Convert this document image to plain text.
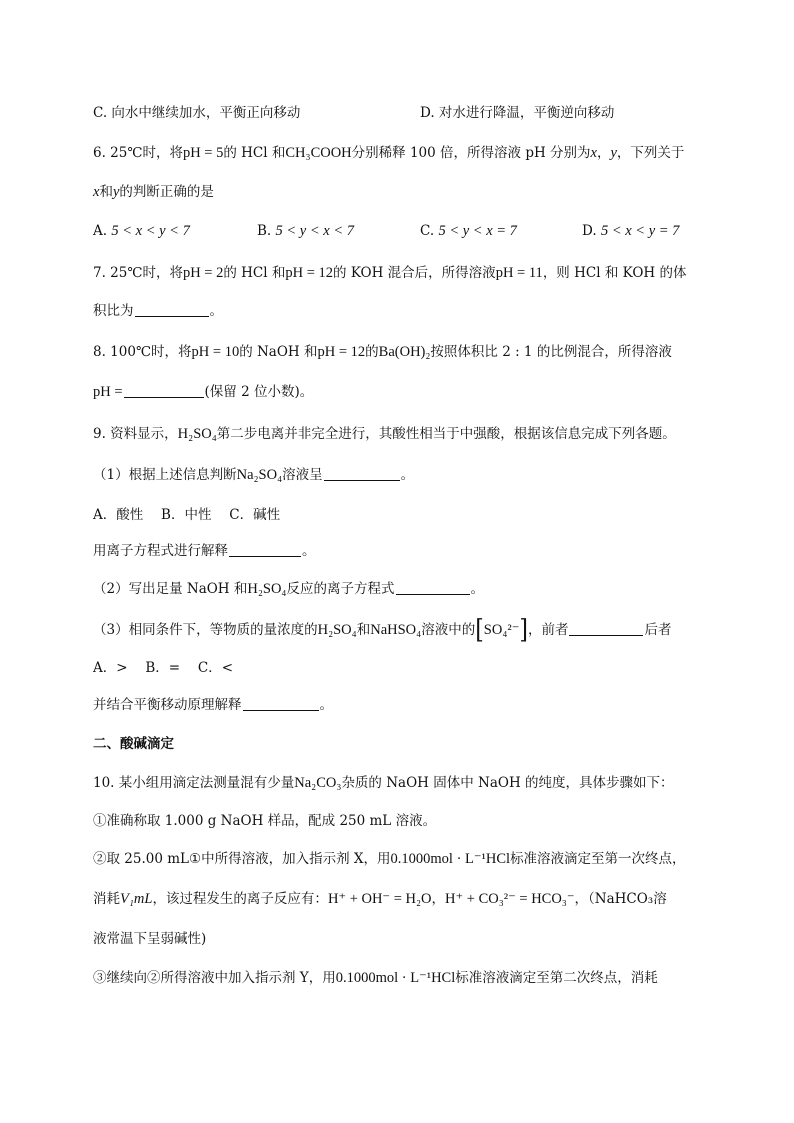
C. 向水中继续加水，平衡正向移动	D. 对水进行降温，平衡逆向移动
6. 25℃时，将pH = 5的 HCl 和CH₃COOH分别稀释 100 倍，所得溶液 pH 分别为x，y，下列关于
x和y的判断正确的是
A. 5 < x < y < 7	B. 5 < y < x < 7	C. 5 < y < x = 7	D. 5 < x < y = 7
7. 25℃时，将pH = 2的 HCl 和pH = 12的 KOH 混合后，所得溶液pH = 11，则 HCl 和 KOH 的体
积比为	。
8. 100℃时，将pH = 10的 NaOH 和pH = 12的Ba(OH)₂按照体积比 2 : 1 的比例混合，所得溶液
pH =	(保留 2 位小数)。
9. 资料显示，H₂SO₄第二步电离并非完全进行，其酸性相当于中强酸，根据该信息完成下列各题。
（1）根据上述信息判断Na₂SO₄溶液呈	。
A．酸性　 B．中性　 C．碱性
用离子方程式进行解释	。
（2）写出足量 NaOH 和H₂SO₄反应的离子方程式	。
（3）相同条件下，等物质的量浓度的H₂SO₄和NaHSO₄溶液中的[SO₄²⁻]，前者	后者
A．>　 B．=　 C．<
并结合平衡移动原理解释	。
二、酸碱滴定
10. 某小组用滴定法测量混有少量Na₂CO₃杂质的 NaOH 固体中 NaOH 的纯度，具体步骤如下：
①准确称取 1.000 g NaOH 样品，配成 250 mL 溶液。
②取 25.00 mL①中所得溶液，加入指示剂 X，用0.1000mol · L⁻¹HCl标准溶液滴定至第一次终点，
消耗V₁mL，该过程发生的离子反应有：H⁺ + OH⁻ = H₂O，H⁺ + CO₃²⁻ = HCO₃⁻，（NaHCO₃溶
液常温下呈弱碱性)
③继续向②所得溶液中加入指示剂 Y，用0.1000mol · L⁻¹HCl标准溶液滴定至第二次终点，消耗
